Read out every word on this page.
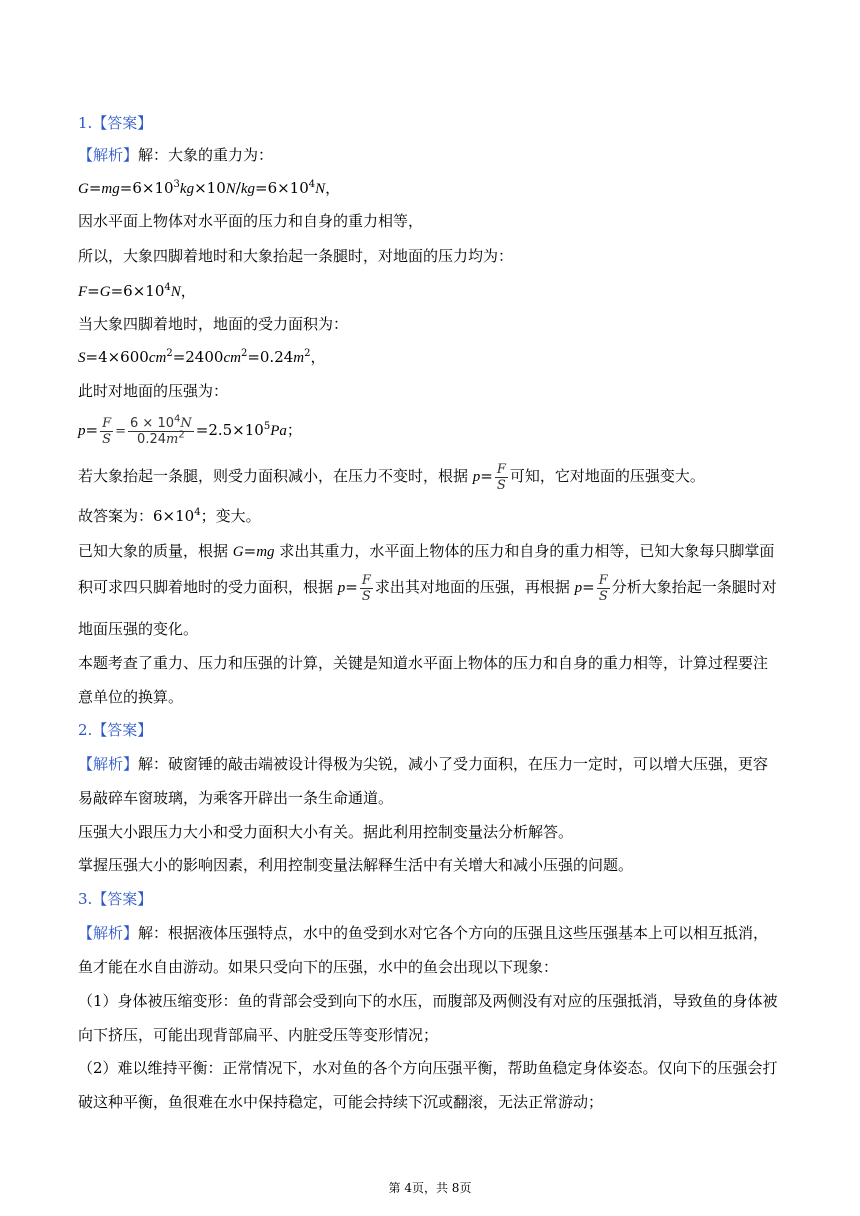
1.【答案】
【解析】解：大象的重力为：
$G=mg=6\times 10^3kg\times 10N/kg=6\times 10^4N$，
因水平面上物体对水平面的压力和自身的重力相等，
所以，大象四脚着地时和大象抬起一条腿时，对地面的压力均为：
$F=G=6\times 10^4N$，
当大象四脚着地时，地面的受力面积为：
$S=4\times 600cm^2=2400cm^2=0.24m^2$，
此时对地面的压强为：
$p= \frac{F}{S} = \frac{6 \times 10^4N}{0.24m^2} =2.5\times 10^5Pa$；
若大象抬起一条腿，则受力面积减小，在压力不变时，根据 $p= \frac{F}{S}$ 可知，它对地面的压强变大。
故答案为：$6\times 10^4$；变大。
已知大象的质量，根据 G=mg 求出其重力，水平面上物体的压力和自身的重力相等，已知大象每只脚掌面
积可求四只脚着地时的受力面积，根据 $p= \frac{F}{S}$ 求出其对地面的压强，再根据 $p= \frac{F}{S}$ 分析大象抬起一条腿时对
地面压强的变化。
本题考查了重力、压力和压强的计算，关键是知道水平面上物体的压力和自身的重力相等，计算过程要注
意单位的换算。
2.【答案】
【解析】解：破窗锤的敲击端被设计得极为尖锐，减小了受力面积，在压力一定时，可以增大压强，更容
易敲碎车窗玻璃，为乘客开辟出一条生命通道。
压强大小跟压力大小和受力面积大小有关。据此利用控制变量法分析解答。
掌握压强大小的影响因素，利用控制变量法解释生活中有关增大和减小压强的问题。
3.【答案】
【解析】解：根据液体压强特点，水中的鱼受到水对它各个方向的压强且这些压强基本上可以相互抵消，
鱼才能在水自由游动。如果只受向下的压强，水中的鱼会出现以下现象：
（1）身体被压缩变形：鱼的背部会受到向下的水压，而腹部及两侧没有对应的压强抵消，导致鱼的身体被
向下挤压，可能出现背部扁平、内脏受压等变形情况；
（2）难以维持平衡：正常情况下，水对鱼的各个方向压强平衡，帮助鱼稳定身体姿态。仅向下的压强会打
破这种平衡，鱼很难在水中保持稳定，可能会持续下沉或翻滚，无法正常游动；
第 4页，共 8页
